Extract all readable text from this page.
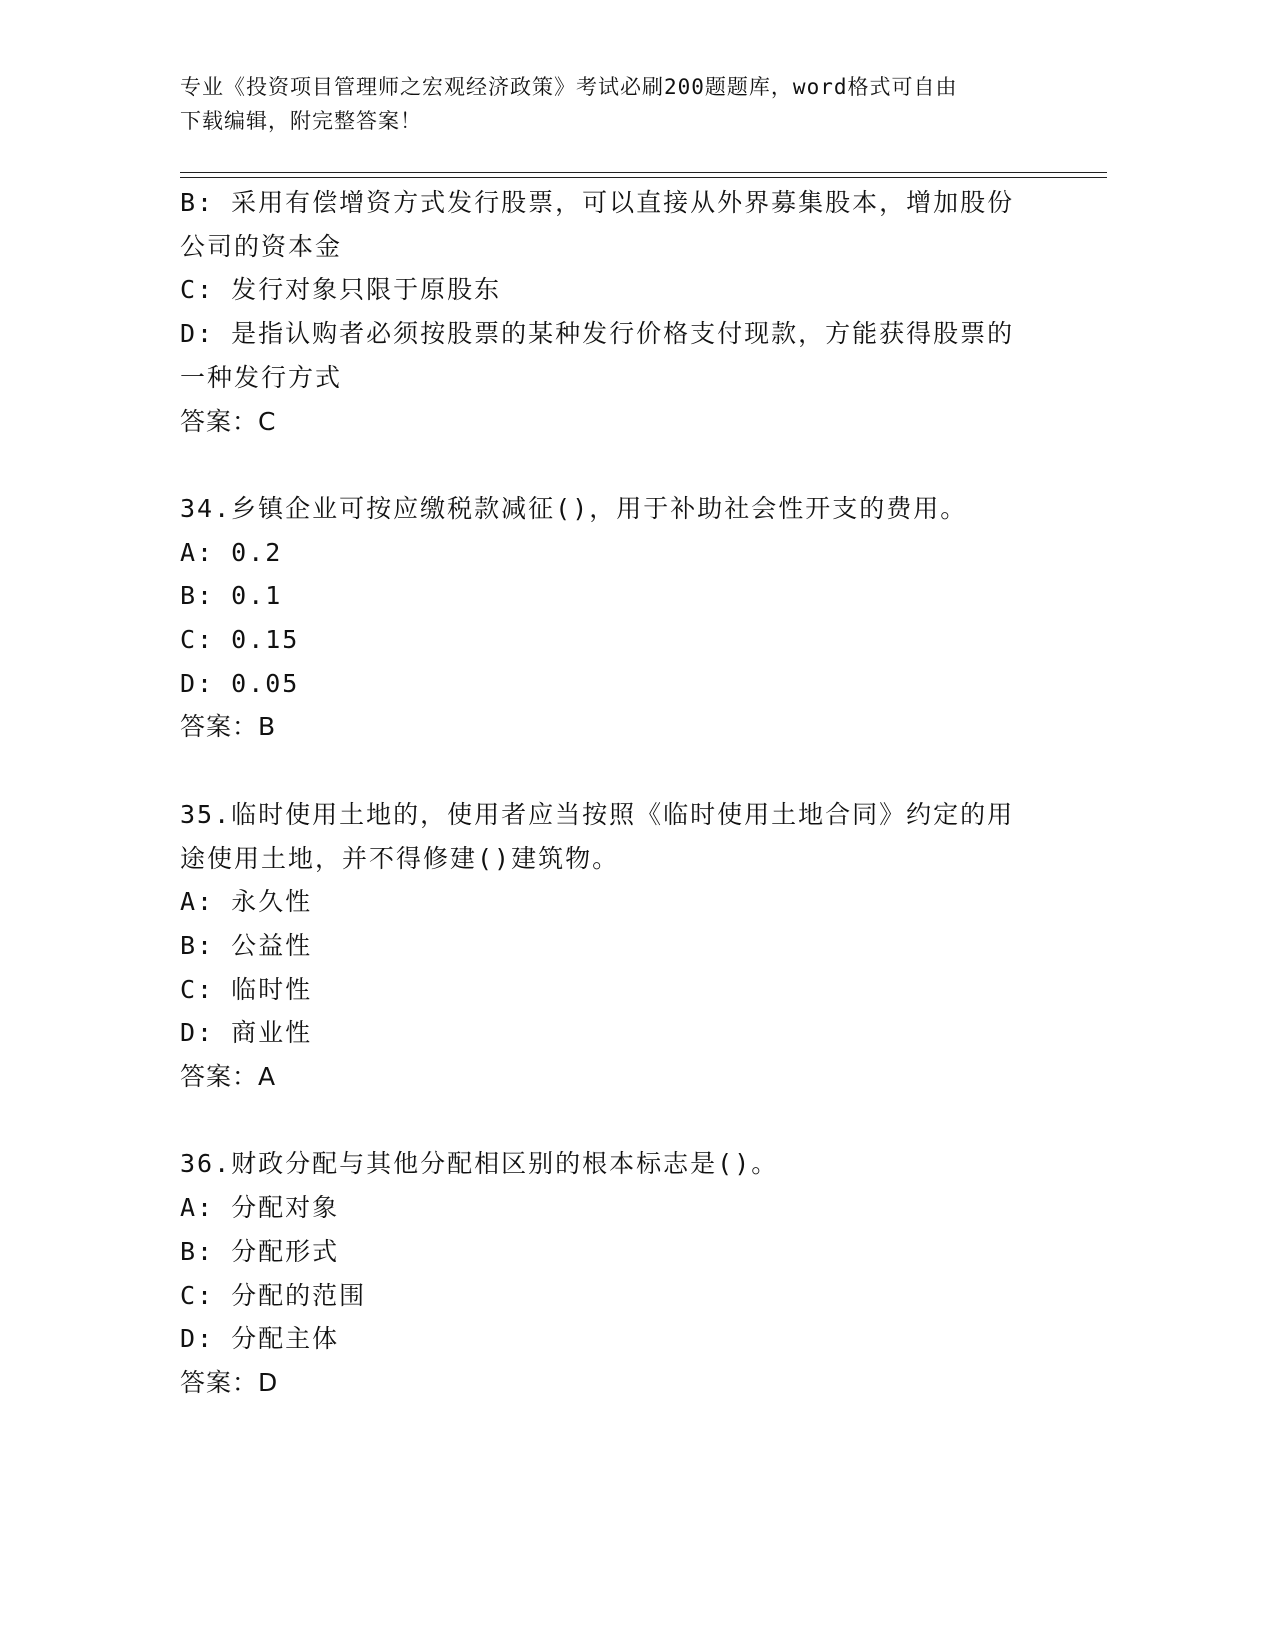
专业《投资项目管理师之宏观经济政策》考试必刷200题题库，word格式可自由
下载编辑，附完整答案！
B: 采用有偿增资方式发行股票，可以直接从外界募集股本，增加股份
公司的资本金
C: 发行对象只限于原股东
D: 是指认购者必须按股票的某种发行价格支付现款，方能获得股票的
一种发行方式
答案：C
34.乡镇企业可按应缴税款减征()，用于补助社会性开支的费用。
A: 0.2
B: 0.1
C: 0.15
D: 0.05
答案：B
35.临时使用土地的，使用者应当按照《临时使用土地合同》约定的用
途使用土地，并不得修建()建筑物。
A: 永久性
B: 公益性
C: 临时性
D: 商业性
答案：A
36.财政分配与其他分配相区别的根本标志是()。
A: 分配对象
B: 分配形式
C: 分配的范围
D: 分配主体
答案：D
